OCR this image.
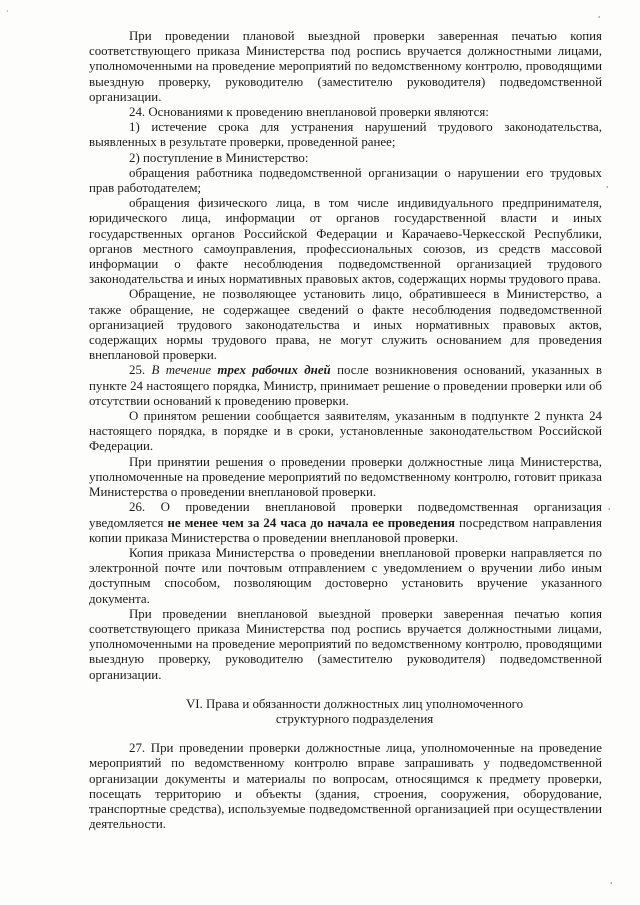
·
'
'
'
'

При проведении плановой выездной проверки заверенная печатью копия соответствующего приказа Министерства под роспись вручается должностными лицами, уполномоченными на проведение мероприятий по ведомственному контролю, проводящими выездную проверку, руководителю (заместителю руководителя) подведомственной организации.

24. Основаниями к проведению внеплановой проверки являются:

1) истечение срока для устранения нарушений трудового законодательства, выявленных в результате проверки, проведенной ранее;

2) поступление в Министерство:

обращения работника подведомственной организации о нарушении его трудовых прав работодателем;

обращения физического лица, в том числе индивидуального предпринимателя, юридического лица, информации от органов государственной власти и иных государственных органов Российской Федерации и Карачаево-Черкесской Республики, органов местного самоуправления, профессиональных союзов, из средств массовой информации о факте несоблюдения подведомственной организацией трудового законодательства и иных нормативных правовых актов, содержащих нормы трудового права.

Обращение, не позволяющее установить лицо, обратившееся в Министерство, а также обращение, не содержащее сведений о факте несоблюдения подведомственной организацией трудового законодательства и иных нормативных правовых актов, содержащих нормы трудового права, не могут служить основанием для проведения внеплановой проверки.

25. В течение трех рабочих дней после возникновения оснований, указанных в пункте 24 настоящего порядка, Министр, принимает решение о проведении проверки или об отсутствии оснований к проведению проверки.

О принятом решении сообщается заявителям, указанным в подпункте 2 пункта 24 настоящего порядка, в порядке и в сроки, установленные законодательством Российской Федерации.

При принятии решения о проведении проверки должностные лица Министерства, уполномоченные на проведение мероприятий по ведомственному контролю, готовит приказа Министерства о проведении внеплановой проверки.

26. О проведении внеплановой проверки подведомственная организация уведомляется не менее чем за 24 часа до начала ее проведения посредством направления копии приказа Министерства о проведении внеплановой проверки.

Копия приказа Министерства о проведении внеплановой проверки направляется по электронной почте или почтовым отправлением с уведомлением о вручении либо иным доступным способом, позволяющим достоверно установить вручение указанного документа.

При проведении внеплановой выездной проверки заверенная печатью копия соответствующего приказа Министерства под роспись вручается должностными лицами, уполномоченными на проведение мероприятий по ведомственному контролю, проводящими выездную проверку, руководителю (заместителю руководителя) подведомственной организации.

VI. Права и обязанности должностных лиц уполномоченного
структурного подразделения

27. При проведении проверки должностные лица, уполномоченные на проведение мероприятий по ведомственному контролю вправе запрашивать у подведомственной организации документы и материалы по вопросам, относящимся к предмету проверки, посещать территорию и объекты (здания, строения, сооружения, оборудование, транспортные средства), используемые подведомственной организацией при осуществлении деятельности.
